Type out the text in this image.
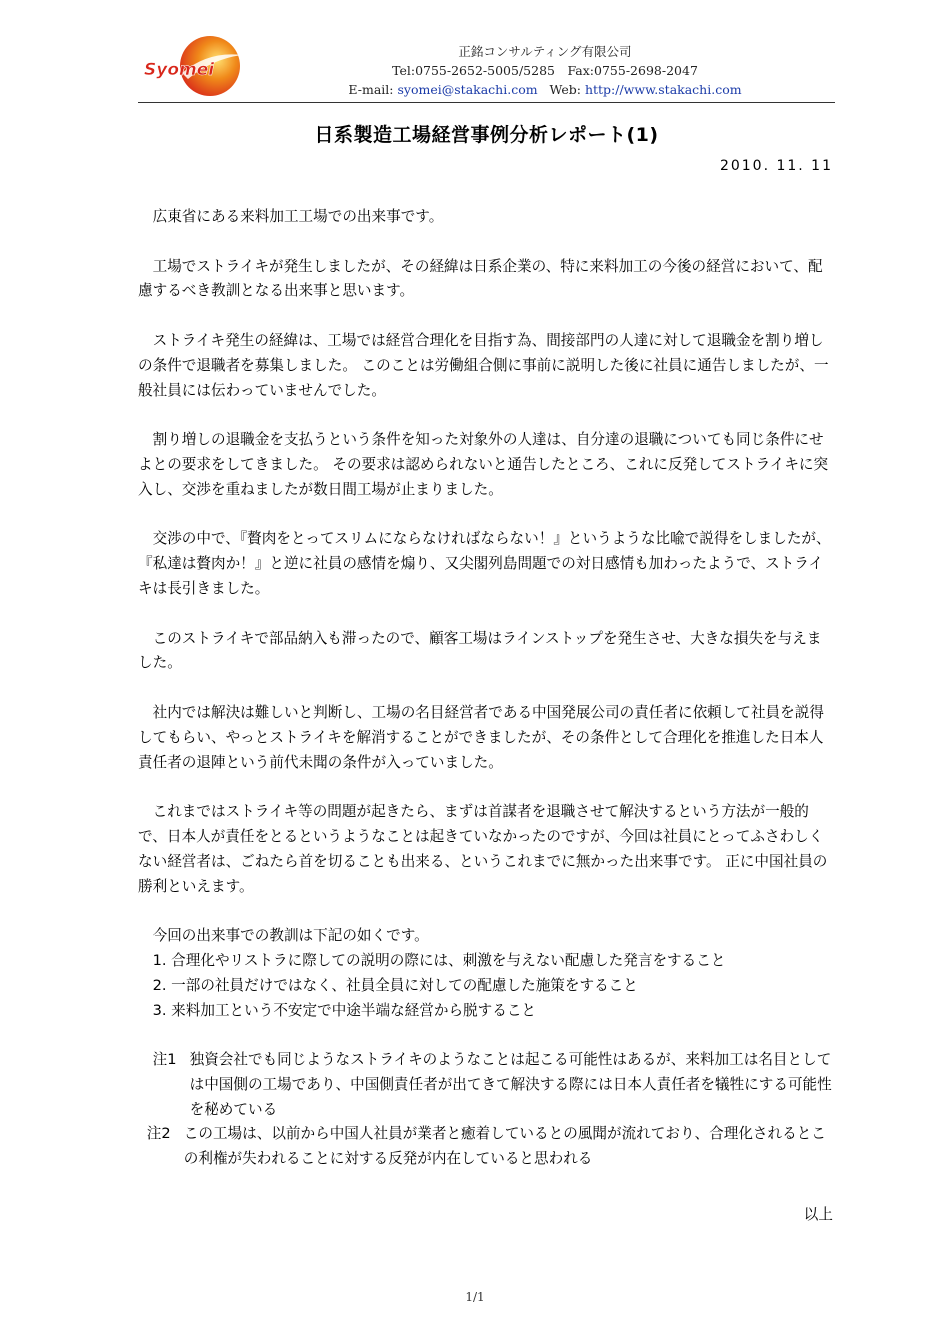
Syomei
正銘コンサルティング有限公司
Tel:0755-2652-5005/5285　Fax:0755-2698-2047
E-mail: syomei@stakachi.com Web: http://www.stakachi.com
日系製造工場経営事例分析レポート(1)
2010. 11. 11

広東省にある来料加工工場での出来事です。

工場でストライキが発生しましたが、その経緯は日系企業の、特に来料加工の今後の経営において、配慮するべき教訓となる出来事と思います。

ストライキ発生の経緯は、工場では経営合理化を目指す為、間接部門の人達に対して退職金を割り増しの条件で退職者を募集しました。 このことは労働組合側に事前に説明した後に社員に通告しましたが、一般社員には伝わっていませんでした。

割り増しの退職金を支払うという条件を知った対象外の人達は、自分達の退職についても同じ条件にせよとの要求をしてきました。 その要求は認められないと通告したところ、これに反発してストライキに突入し、交渉を重ねましたが数日間工場が止まりました。

交渉の中で、『贅肉をとってスリムにならなければならない！』というような比喩で説得をしましたが、『私達は贅肉か！』と逆に社員の感情を煽り、又尖閣列島問題での対日感情も加わったようで、ストライキは長引きました。

このストライキで部品納入も滞ったので、顧客工場はラインストップを発生させ、大きな損失を与えました。

社内では解決は難しいと判断し、工場の名目経営者である中国発展公司の責任者に依頼して社員を説得してもらい、やっとストライキを解消することができましたが、その条件として合理化を推進した日本人責任者の退陣という前代未聞の条件が入っていました。

これまではストライキ等の問題が起きたら、まずは首謀者を退職させて解決するという方法が一般的で、日本人が責任をとるというようなことは起きていなかったのですが、今回は社員にとってふさわしくない経営者は、ごねたら首を切ることも出来る、というこれまでに無かった出来事です。 正に中国社員の勝利といえます。

今回の出来事での教訓は下記の如くです。

1. 合理化やリストラに際しての説明の際には、刺激を与えない配慮した発言をすること
2. 一部の社員だけではなく、社員全員に対しての配慮した施策をすること
3. 来料加工という不安定で中途半端な経営から脱すること
注1 独資会社でも同じようなストライキのようなことは起こる可能性はあるが、来料加工は名目としては中国側の工場であり、中国側責任者が出てきて解決する際には日本人責任者を犠牲にする可能性を秘めている
注2 この工場は、以前から中国人社員が業者と癒着しているとの風聞が流れており、合理化されるとこの利権が失われることに対する反発が内在していると思われる
以上
1/1
